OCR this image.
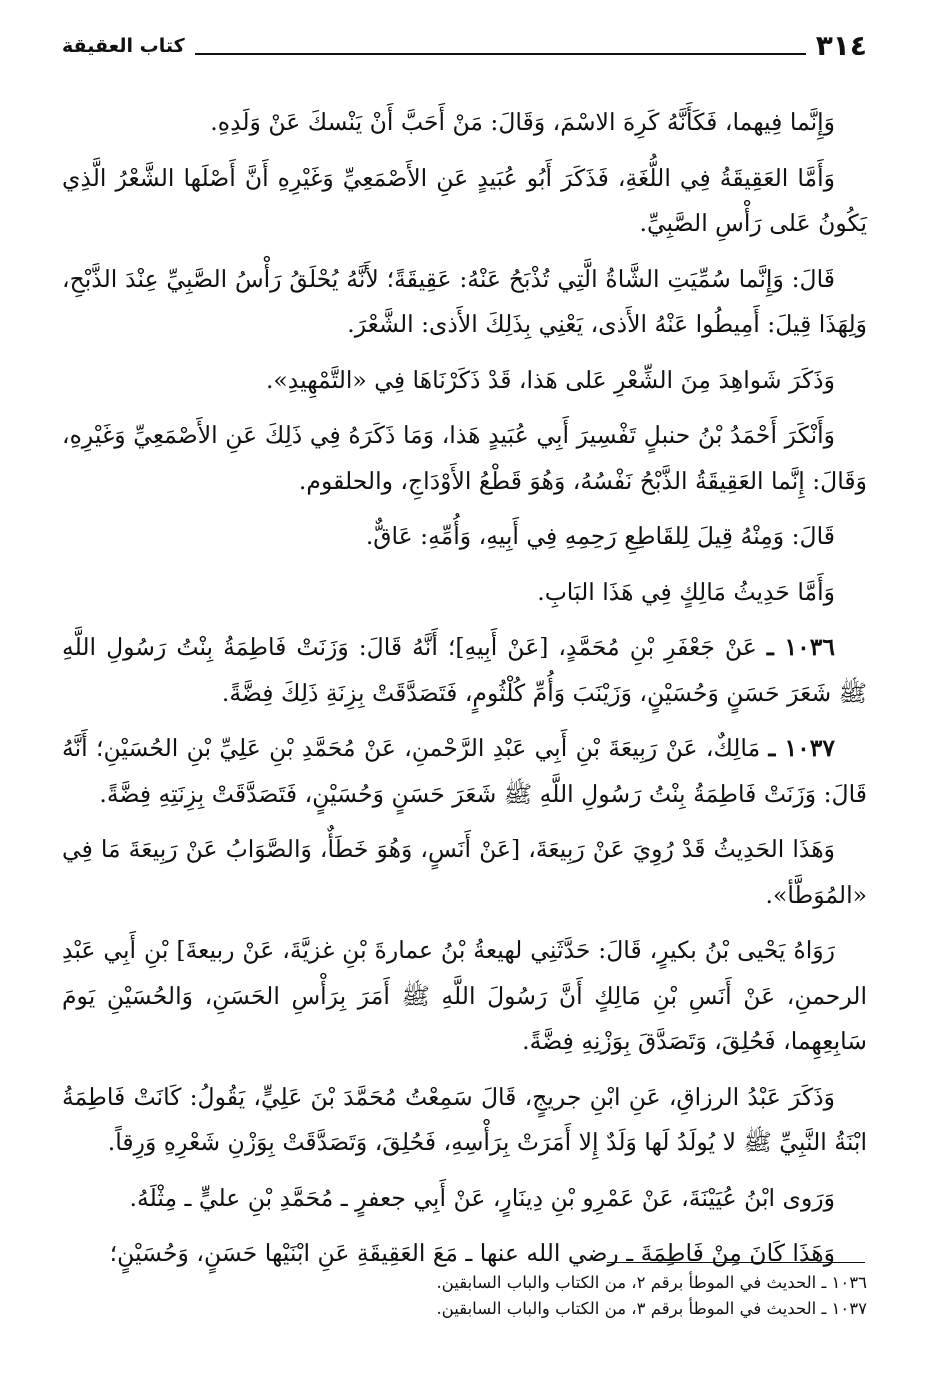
٣١٤
كتاب العقيقة

وَإِنَّما فِيهما، فَكَأَنَّهُ كَرِهَ الاسْمَ، وَقَالَ: مَنْ أَحَبَّ أَنْ يَنْسكَ عَنْ وَلَدِهِ.

وَأَمَّا العَقِيقَةُ فِي اللُّغَةِ، فَذَكَرَ أَبُو عُبَيدٍ عَنِ الأَصْمَعِيِّ وَغَيْرِهِ أَنَّ أَصْلَها الشَّعْرُ الَّذِي يَكُونُ عَلى رَأْسِ الصَّبِيِّ.

قَالَ: وَإِنَّما سُمِّيَتِ الشَّاةُ الَّتِي تُذْبَحُ عَنْهُ: عَقِيقَةً؛ لأَنَّهُ يُحْلَقُ رَأْسُ الصَّبِيِّ عِنْدَ الذَّبْحِ، وَلِهَذَا قِيلَ: أَمِيطُوا عَنْهُ الأَذى، يَعْنِي بِذَلِكَ الأَذى: الشَّعْرَ.

وَذَكَرَ شَواهِدَ مِنَ الشِّعْرِ عَلى هَذا، قَدْ ذَكَرْنَاهَا فِي «التَّمْهِيدِ».

وَأَنْكَرَ أَحْمَدُ بْنُ حنبلٍ تَفْسِيرَ أَبِي عُبَيدٍ هَذا، وَمَا ذَكَرَهُ فِي ذَلِكَ عَنِ الأَصْمَعِيِّ وَغَيْرِهِ، وَقَالَ: إِنَّما العَقِيقَةُ الذَّبْحُ نَفْسُهُ، وَهُوَ قَطْعُ الأَوْدَاجِ، والحلقوم.

قَالَ: وَمِنْهُ قِيلَ لِلقَاطِعِ رَحِمِهِ فِي أَبِيهِ، وَأُمِّهِ: عَاقٌّ.

وَأَمَّا حَدِيثُ مَالِكٍ فِي هَذَا البَابِ.

١٠٣٦ ـ عَنْ جَعْفَرِ بْنِ مُحَمَّدٍ، [عَنْ أَبِيهِ]؛ أَنَّهُ قَالَ: وَزَنَتْ فَاطِمَةُ بِنْتُ رَسُولِ اللَّهِ ﷺ شَعَرَ حَسَنٍ وَحُسَيْنٍ، وَزَيْنَبَ وَأُمِّ كُلْثُومٍ، فَتَصَدَّقَتْ بِزِنَةِ ذَلِكَ فِضَّةً.

١٠٣٧ ـ مَالِكٌ، عَنْ رَبِيعَةَ بْنِ أَبِي عَبْدِ الرَّحْمنِ، عَنْ مُحَمَّدِ بْنِ عَلِيِّ بْنِ الحُسَيْنِ؛ أَنَّهُ قَالَ: وَزَنَتْ فَاطِمَةُ بِنْتُ رَسُولِ اللَّهِ ﷺ شَعَرَ حَسَنٍ وَحُسَيْنٍ، فَتَصَدَّقَتْ بِزِنَتِهِ فِضَّةً.

وَهَذَا الحَدِيثُ قَدْ رُوِيَ عَنْ رَبِيعَةَ، [عَنْ أَنَسٍ، وَهُوَ خَطَأٌ، وَالصَّوَابُ عَنْ رَبِيعَةَ مَا فِي «المُوَطَّأ».

رَوَاهُ يَحْيى بْنُ بكيرٍ، قَالَ: حَدَّثَنِي لهيعةُ بْنُ عمارةَ بْنِ غزيَّةَ، عَنْ ربيعةَ] بْنِ أَبِي عَبْدِ الرحمنِ، عَنْ أَنَسِ بْنِ مَالِكٍ أَنَّ رَسُولَ اللَّهِ ﷺ أَمَرَ بِرَأْسِ الحَسَنِ، وَالحُسَيْنِ يَومَ سَابِعِهِما، فَحُلِقَ، وَتَصَدَّقَ بِوَزْنِهِ فِضَّةً.

وَذَكَرَ عَبْدُ الرزاقِ، عَنِ ابْنِ جريجٍ، قَالَ سَمِعْتُ مُحَمَّدَ بْنَ عَلِيٍّ، يَقُولُ: كَانَتْ فَاطِمَةُ ابْنَةُ النَّبِيِّ ﷺ لا يُولَدُ لَها وَلَدٌ إِلا أَمَرَتْ بِرَأْسِهِ، فَحُلِقَ، وَتَصَدَّقَتْ بِوَزْنِ شَعْرِهِ وَرِقاً.

وَرَوى ابْنُ عُيَيْنَةَ، عَنْ عَمْرِو بْنِ دِينَارٍ، عَنْ أَبِي جعفرٍ ـ مُحَمَّدِ بْنِ عليٍّ ـ مِثْلَهُ.

وَهَذَا كَانَ مِنْ فَاطِمَةَ ـ رضي الله عنها ـ مَعَ العَقِيقَةِ عَنِ ابْنَيْها حَسَنٍ، وَحُسَيْنٍ؛

١٠٣٦ ـ الحديث في الموطأ برقم ٢، من الكتاب والباب السابقين.
١٠٣٧ ـ الحديث في الموطأ برقم ٣، من الكتاب والباب السابقين.
